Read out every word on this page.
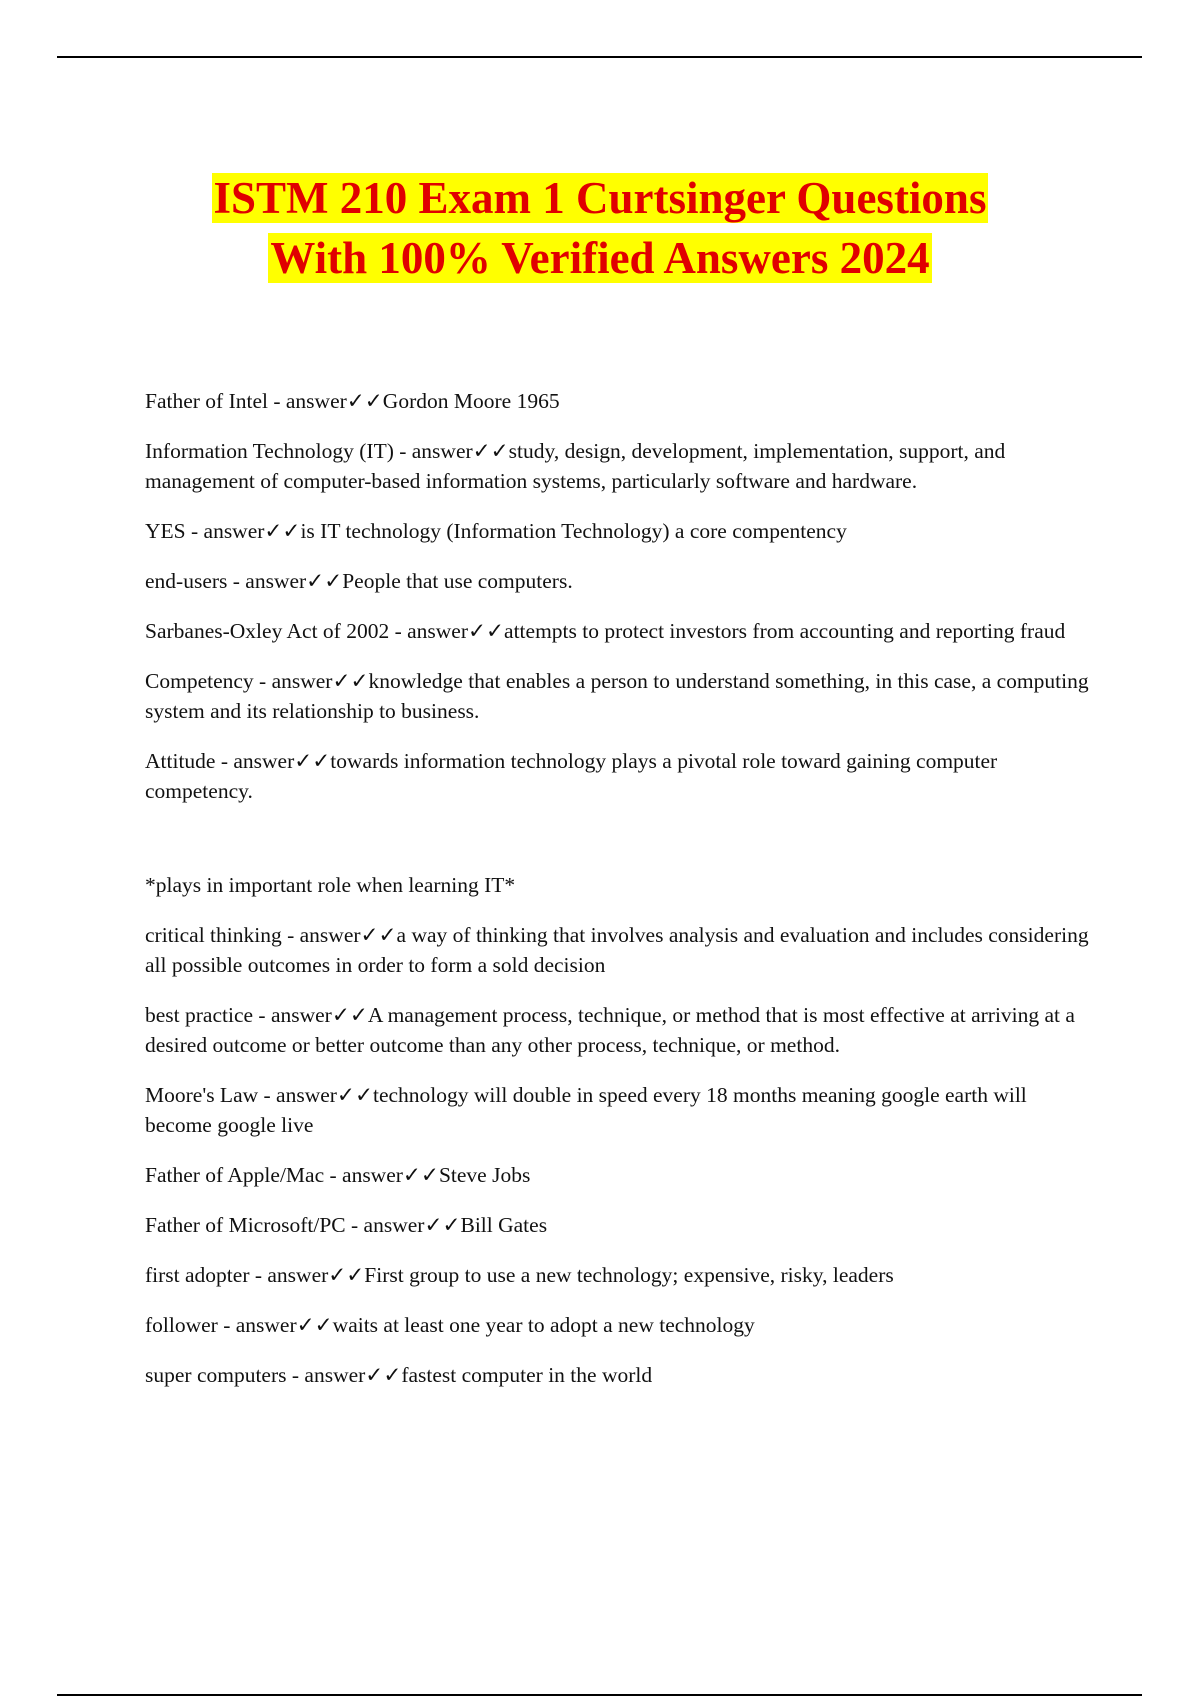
ISTM 210 Exam 1 Curtsinger Questions
With 100% Verified Answers 2024

Father of Intel - answer✓✓Gordon Moore 1965

Information Technology (IT) - answer✓✓study, design, development, implementation, support, and management of computer-based information systems, particularly software and hardware.

YES - answer✓✓is IT technology (Information Technology) a core compentency

end-users - answer✓✓People that use computers.

Sarbanes-Oxley Act of 2002 - answer✓✓attempts to protect investors from accounting and reporting fraud

Competency - answer✓✓knowledge that enables a person to understand something, in this case, a computing system and its relationship to business.

Attitude - answer✓✓towards information technology plays a pivotal role toward gaining computer competency.

*plays in important role when learning IT*

critical thinking - answer✓✓a way of thinking that involves analysis and evaluation and includes considering all possible outcomes in order to form a sold decision

best practice - answer✓✓A management process, technique, or method that is most effective at arriving at a desired outcome or better outcome than any other process, technique, or method.

Moore's Law - answer✓✓technology will double in speed every 18 months meaning google earth will become google live

Father of Apple/Mac - answer✓✓Steve Jobs

Father of Microsoft/PC - answer✓✓Bill Gates

first adopter - answer✓✓First group to use a new technology; expensive, risky, leaders

follower - answer✓✓waits at least one year to adopt a new technology

super computers - answer✓✓fastest computer in the world
